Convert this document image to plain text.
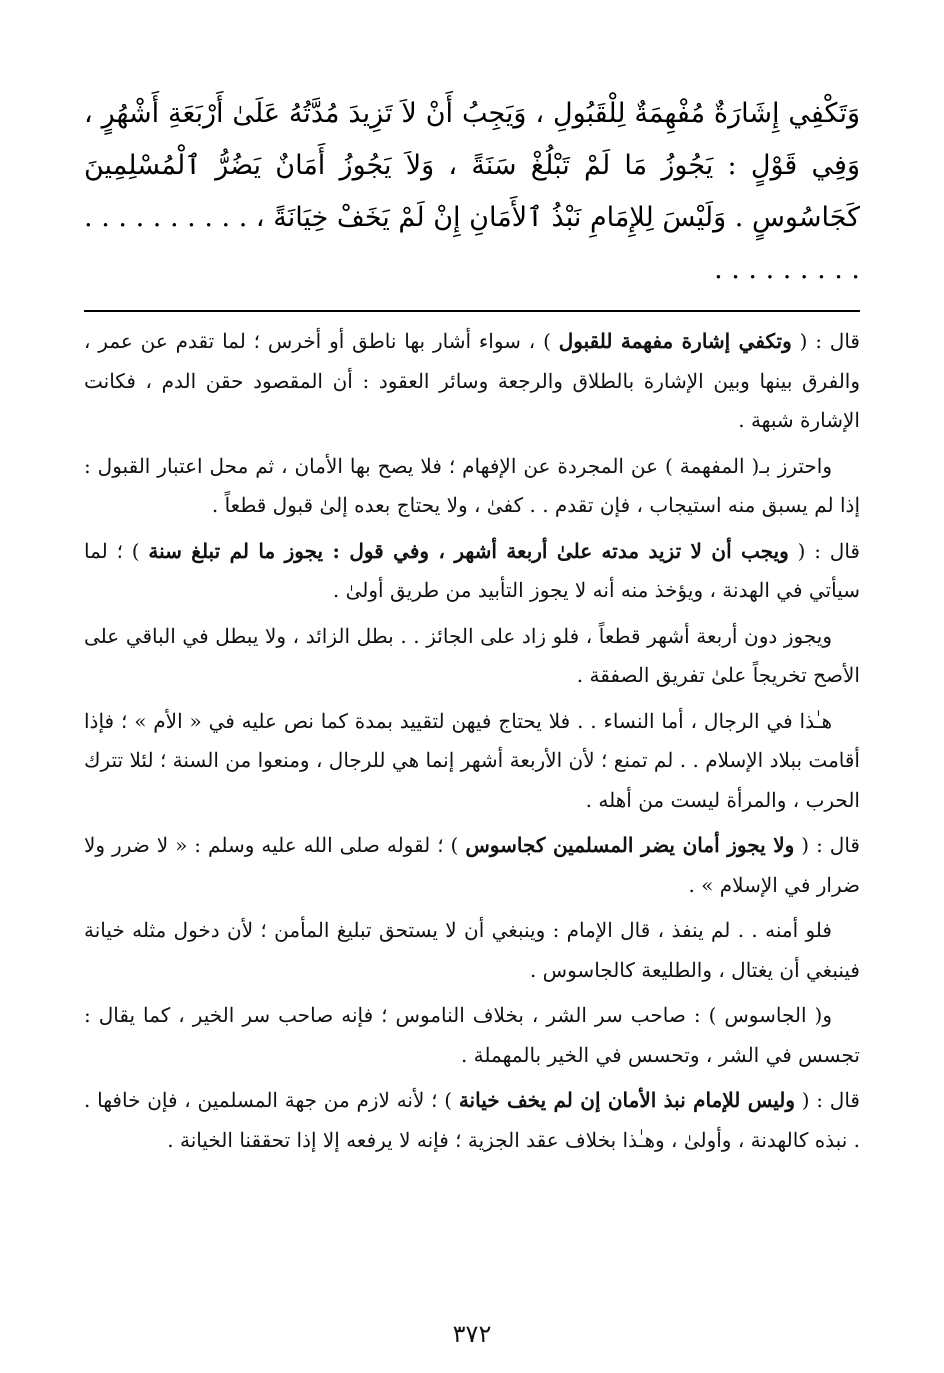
وَتَكْفِي إِشَارَةٌ مُفْهِمَةٌ لِلْقَبُولِ ، وَيَجِبُ أَنْ لاَ تَزِيدَ مُدَّتُهُ عَلَىٰ أَرْبَعَةِ أَشْهُرٍ ، وَفِي قَوْلٍ : يَجُوزُ مَا لَمْ تَبْلُغْ سَنَةً ، وَلاَ يَجُوزُ أَمَانٌ يَضُرُّ ٱلْمُسْلِمِينَ كَجَاسُوسٍ . وَلَيْسَ لِلإِمَامِ نَبْذُ ٱلأَمَانِ إِنْ لَمْ يَخَفْ خِيَانَةً ، . . . . . . . . . . . . . . . . . . .

قال : ( وتكفي إشارة مفهمة للقبول ) ، سواء أشار بها ناطق أو أخرس ؛ لما تقدم عن عمر ، والفرق بينها وبين الإشارة بالطلاق والرجعة وسائر العقود : أن المقصود حقن الدم ، فكانت الإشارة شبهة .

واحترز بـ( المفهمة ) عن المجردة عن الإفهام ؛ فلا يصح بها الأمان ، ثم محل اعتبار القبول : إذا لم يسبق منه استيجاب ، فإن تقدم . . كفىٰ ، ولا يحتاج بعده إلىٰ قبول قطعاً .

قال : ( ويجب أن لا تزيد مدته علىٰ أربعة أشهر ، وفي قول : يجوز ما لم تبلغ سنة ) ؛ لما سيأتي في الهدنة ، ويؤخذ منه أنه لا يجوز التأبيد من طريق أولىٰ .

ويجوز دون أربعة أشهر قطعاً ، فلو زاد على الجائز . . بطل الزائد ، ولا يبطل في الباقي على الأصح تخريجاً علىٰ تفريق الصفقة .

هـٰذا في الرجال ، أما النساء . . فلا يحتاج فيهن لتقييد بمدة كما نص عليه في « الأم » ؛ فإذا أقامت ببلاد الإسلام . . لم تمنع ؛ لأن الأربعة أشهر إنما هي للرجال ، ومنعوا من السنة ؛ لئلا تترك الحرب ، والمرأة ليست من أهله .

قال : ( ولا يجوز أمان يضر المسلمين كجاسوس ) ؛ لقوله صلى الله عليه وسلم : « لا ضرر ولا ضرار في الإسلام » .

فلو أمنه . . لم ينفذ ، قال الإمام : وينبغي أن لا يستحق تبليغ المأمن ؛ لأن دخول مثله خيانة فينبغي أن يغتال ، والطليعة كالجاسوس .

و( الجاسوس ) : صاحب سر الشر ، بخلاف الناموس ؛ فإنه صاحب سر الخير ، كما يقال : تجسس في الشر ، وتحسس في الخير بالمهملة .

قال : ( وليس للإمام نبذ الأمان إن لم يخف خيانة ) ؛ لأنه لازم من جهة المسلمين ، فإن خافها . . نبذه كالهدنة ، وأولىٰ ، وهـٰذا بخلاف عقد الجزية ؛ فإنه لا يرفعه إلا إذا تحققنا الخيانة .

٣٧٢
